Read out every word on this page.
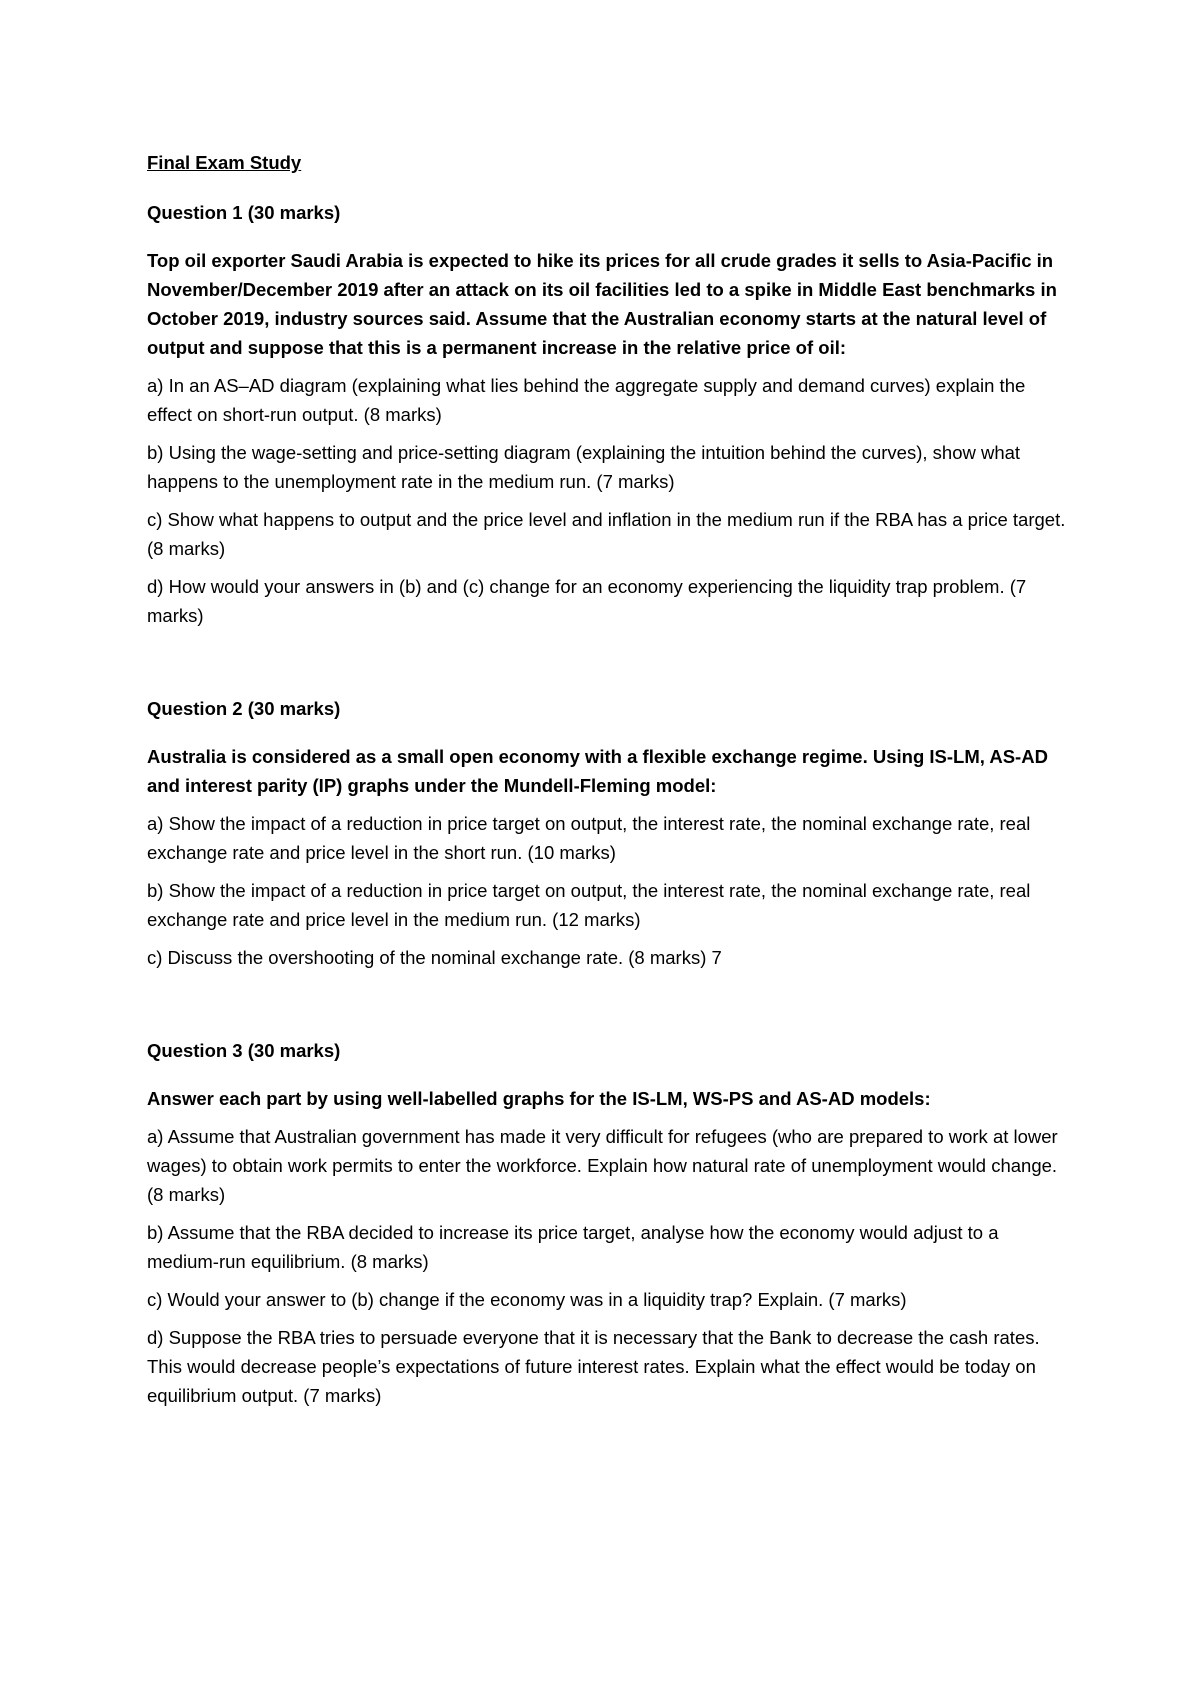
Final Exam Study

Question 1 (30 marks)

Top oil exporter Saudi Arabia is expected to hike its prices for all crude grades it sells to Asia-Pacific in November/December 2019 after an attack on its oil facilities led to a spike in Middle East benchmarks in October 2019, industry sources said. Assume that the Australian economy starts at the natural level of output and suppose that this is a permanent increase in the relative price of oil:

a) In an AS–AD diagram (explaining what lies behind the aggregate supply and demand curves) explain the effect on short-run output. (8 marks)

b) Using the wage-setting and price-setting diagram (explaining the intuition behind the curves), show what happens to the unemployment rate in the medium run. (7 marks)

c) Show what happens to output and the price level and inflation in the medium run if the RBA has a price target. (8 marks)

d) How would your answers in (b) and (c) change for an economy experiencing the liquidity trap problem. (7 marks)

Question 2 (30 marks)

Australia is considered as a small open economy with a flexible exchange regime. Using IS-LM, AS-AD and interest parity (IP) graphs under the Mundell-Fleming model:

a) Show the impact of a reduction in price target on output, the interest rate, the nominal exchange rate, real exchange rate and price level in the short run. (10 marks)

b) Show the impact of a reduction in price target on output, the interest rate, the nominal exchange rate, real exchange rate and price level in the medium run. (12 marks)

c) Discuss the overshooting of the nominal exchange rate. (8 marks) 7

Question 3 (30 marks)

Answer each part by using well-labelled graphs for the IS-LM, WS-PS and AS-AD models:

a) Assume that Australian government has made it very difficult for refugees (who are prepared to work at lower wages) to obtain work permits to enter the workforce. Explain how natural rate of unemployment would change. (8 marks)

b) Assume that the RBA decided to increase its price target, analyse how the economy would adjust to a medium-run equilibrium. (8 marks)

c) Would your answer to (b) change if the economy was in a liquidity trap? Explain. (7 marks)

d) Suppose the RBA tries to persuade everyone that it is necessary that the Bank to decrease the cash rates. This would decrease people’s expectations of future interest rates. Explain what the effect would be today on equilibrium output. (7 marks)
